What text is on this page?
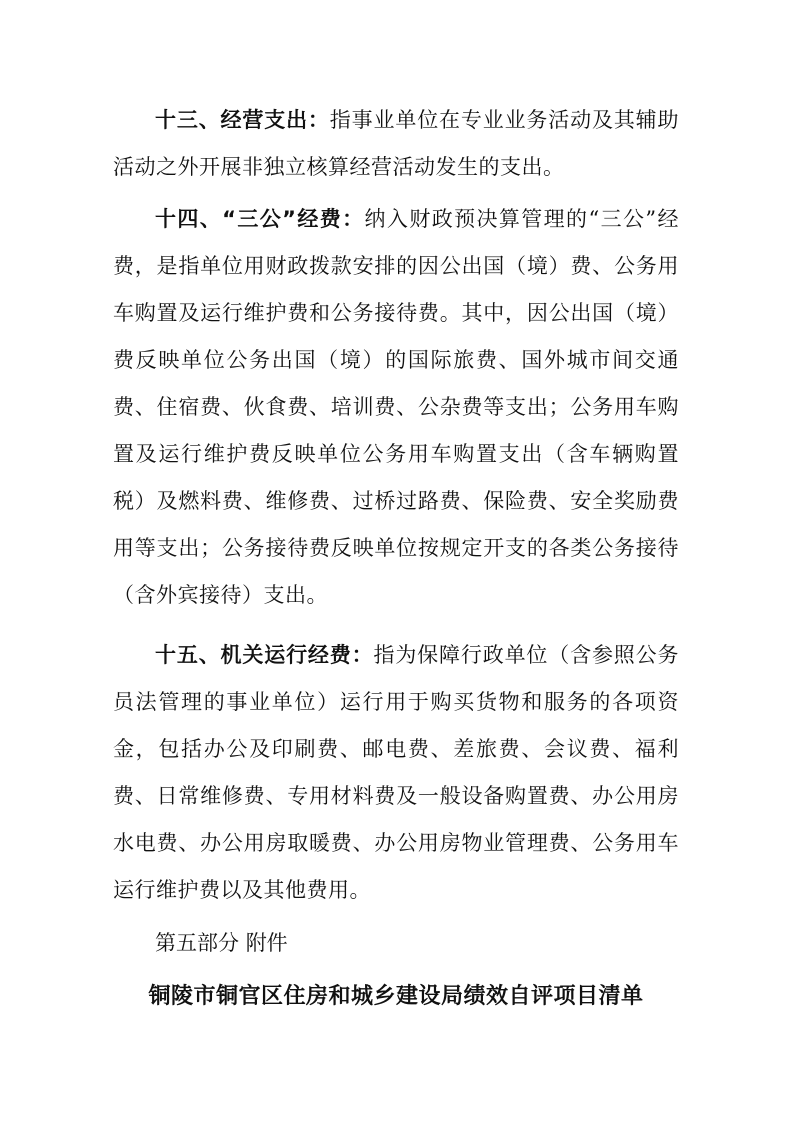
十三、经营支出：指事业单位在专业业务活动及其辅助活动之外开展非独立核算经营活动发生的支出。

十四、“三公”经费：纳入财政预决算管理的“三公”经费，是指单位用财政拨款安排的因公出国（境）费、公务用车购置及运行维护费和公务接待费。其中，因公出国（境）费反映单位公务出国（境）的国际旅费、国外城市间交通费、住宿费、伙食费、培训费、公杂费等支出；公务用车购置及运行维护费反映单位公务用车购置支出（含车辆购置税）及燃料费、维修费、过桥过路费、保险费、安全奖励费用等支出；公务接待费反映单位按规定开支的各类公务接待（含外宾接待）支出。

十五、机关运行经费：指为保障行政单位（含参照公务员法管理的事业单位）运行用于购买货物和服务的各项资金，包括办公及印刷费、邮电费、差旅费、会议费、福利费、日常维修费、专用材料费及一般设备购置费、办公用房水电费、办公用房取暖费、办公用房物业管理费、公务用车运行维护费以及其他费用。

第五部分 附件

铜陵市铜官区住房和城乡建设局绩效自评项目清单
